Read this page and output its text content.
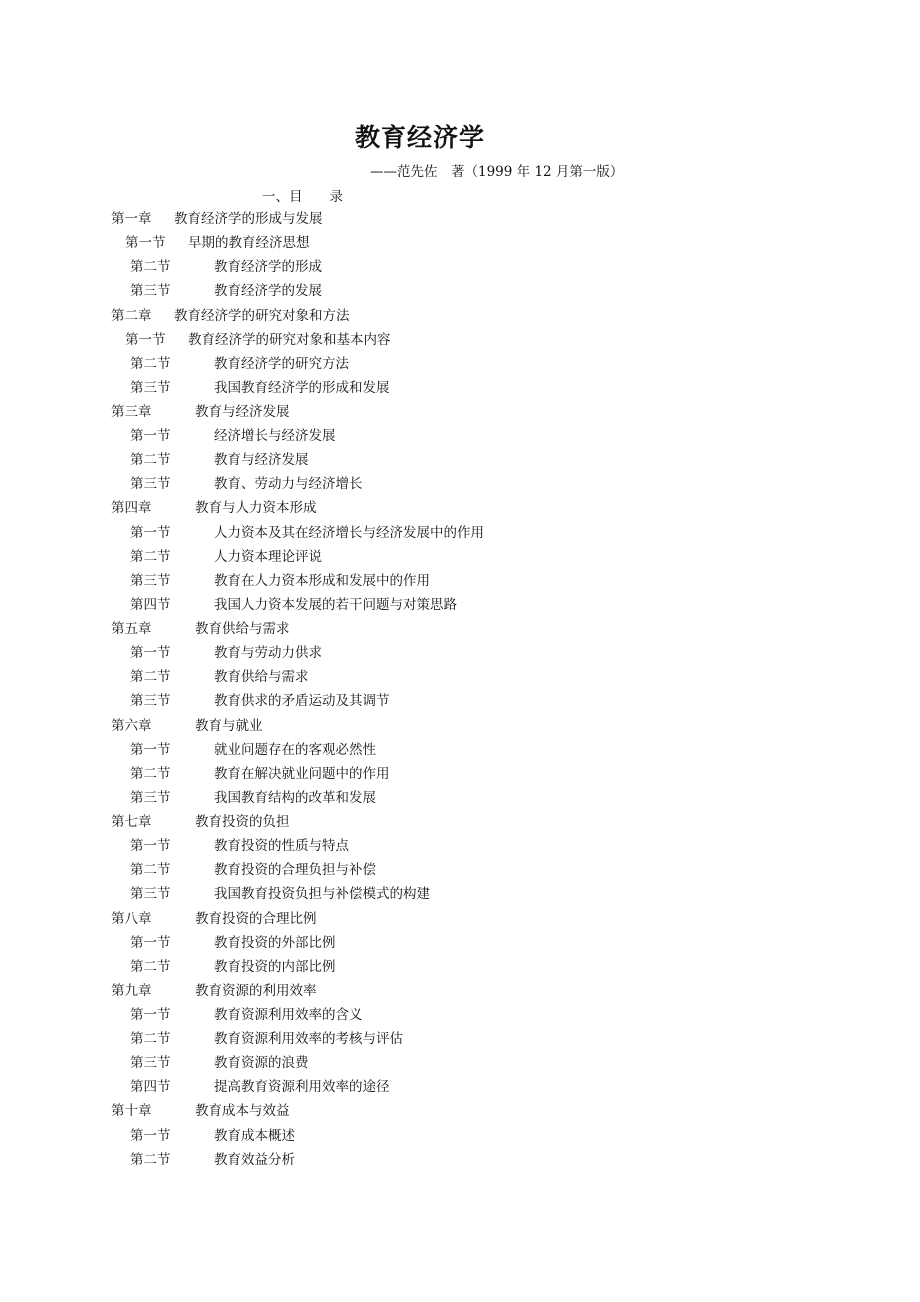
教育经济学
——范先佐　著（1999 年 12 月第一版）
一、目　　录
第一章 教育经济学的形成与发展
第一节 早期的教育经济思想
第二节	教育经济学的形成
第三节	教育经济学的发展
第二章 教育经济学的研究对象和方法
第一节 教育经济学的研究对象和基本内容
第二节	教育经济学的研究方法
第三节	我国教育经济学的形成和发展
第三章	教育与经济发展
第一节	经济增长与经济发展
第二节	教育与经济发展
第三节	教育、劳动力与经济增长
第四章	教育与人力资本形成
第一节	人力资本及其在经济增长与经济发展中的作用
第二节	人力资本理论评说
第三节	教育在人力资本形成和发展中的作用
第四节	我国人力资本发展的若干问题与对策思路
第五章	教育供给与需求
第一节	教育与劳动力供求
第二节	教育供给与需求
第三节	教育供求的矛盾运动及其调节
第六章	教育与就业
第一节	就业问题存在的客观必然性
第二节	教育在解决就业问题中的作用
第三节	我国教育结构的改革和发展
第七章	教育投资的负担
第一节	教育投资的性质与特点
第二节	教育投资的合理负担与补偿
第三节	我国教育投资负担与补偿模式的构建
第八章	教育投资的合理比例
第一节	教育投资的外部比例
第二节	教育投资的内部比例
第九章	教育资源的利用效率
第一节	教育资源利用效率的含义
第二节	教育资源利用效率的考核与评估
第三节	教育资源的浪费
第四节	提高教育资源利用效率的途径
第十章	教育成本与效益
第一节	教育成本概述
第二节	教育效益分析
